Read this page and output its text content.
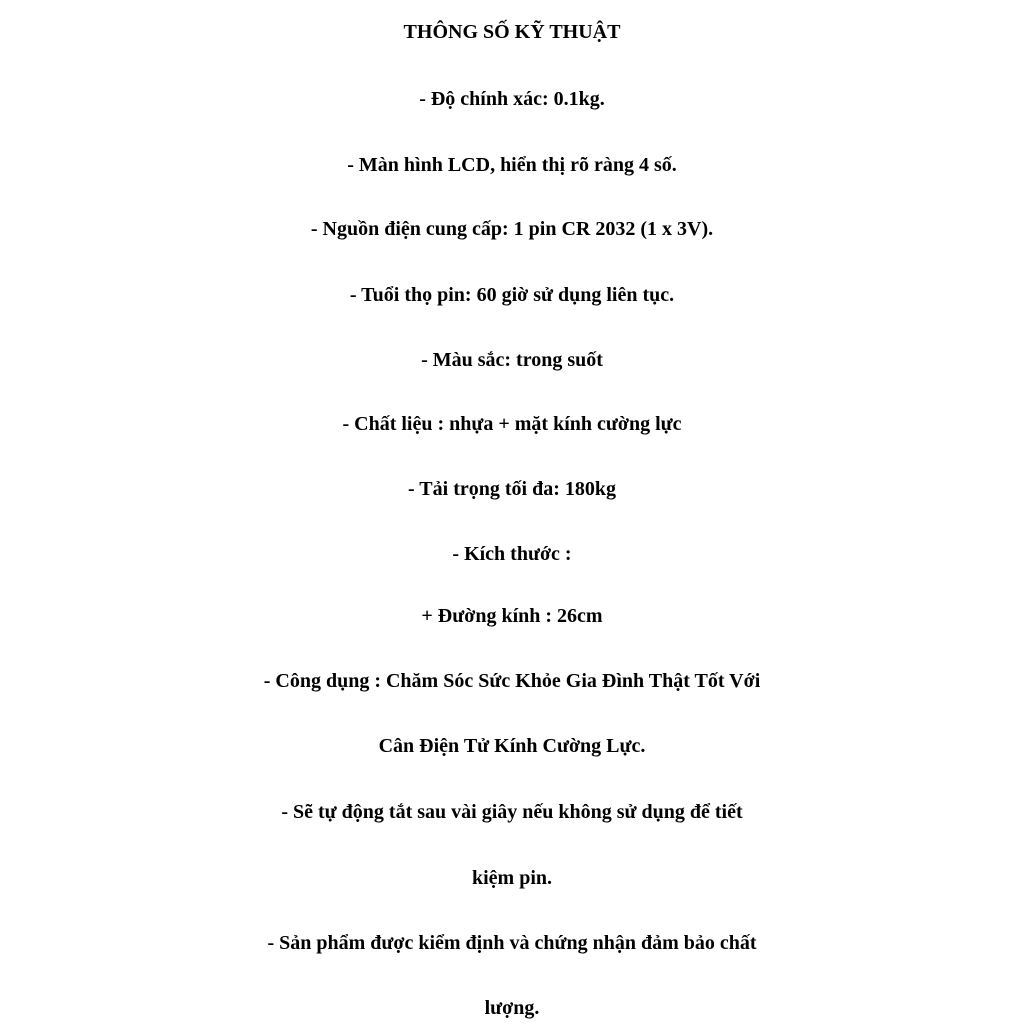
THÔNG SỐ KỸ THUẬT
- Độ chính xác: 0.1kg.
- Màn hình LCD, hiển thị rõ ràng 4 số.
- Nguồn điện cung cấp: 1 pin CR 2032 (1 x 3V).
- Tuổi thọ pin: 60 giờ sử dụng liên tục.
- Màu sắc: trong suốt
- Chất liệu : nhựa + mặt kính cường lực
- Tải trọng tối đa: 180kg
- Kích thước :
+ Đường kính : 26cm
- Công dụng : Chăm Sóc Sức Khỏe Gia Đình Thật Tốt Với
Cân Điện Tử Kính Cường Lực.
- Sẽ tự động tắt sau vài giây nếu không sử dụng để tiết
kiệm pin.
- Sản phẩm được kiểm định và chứng nhận đảm bảo chất
lượng.
